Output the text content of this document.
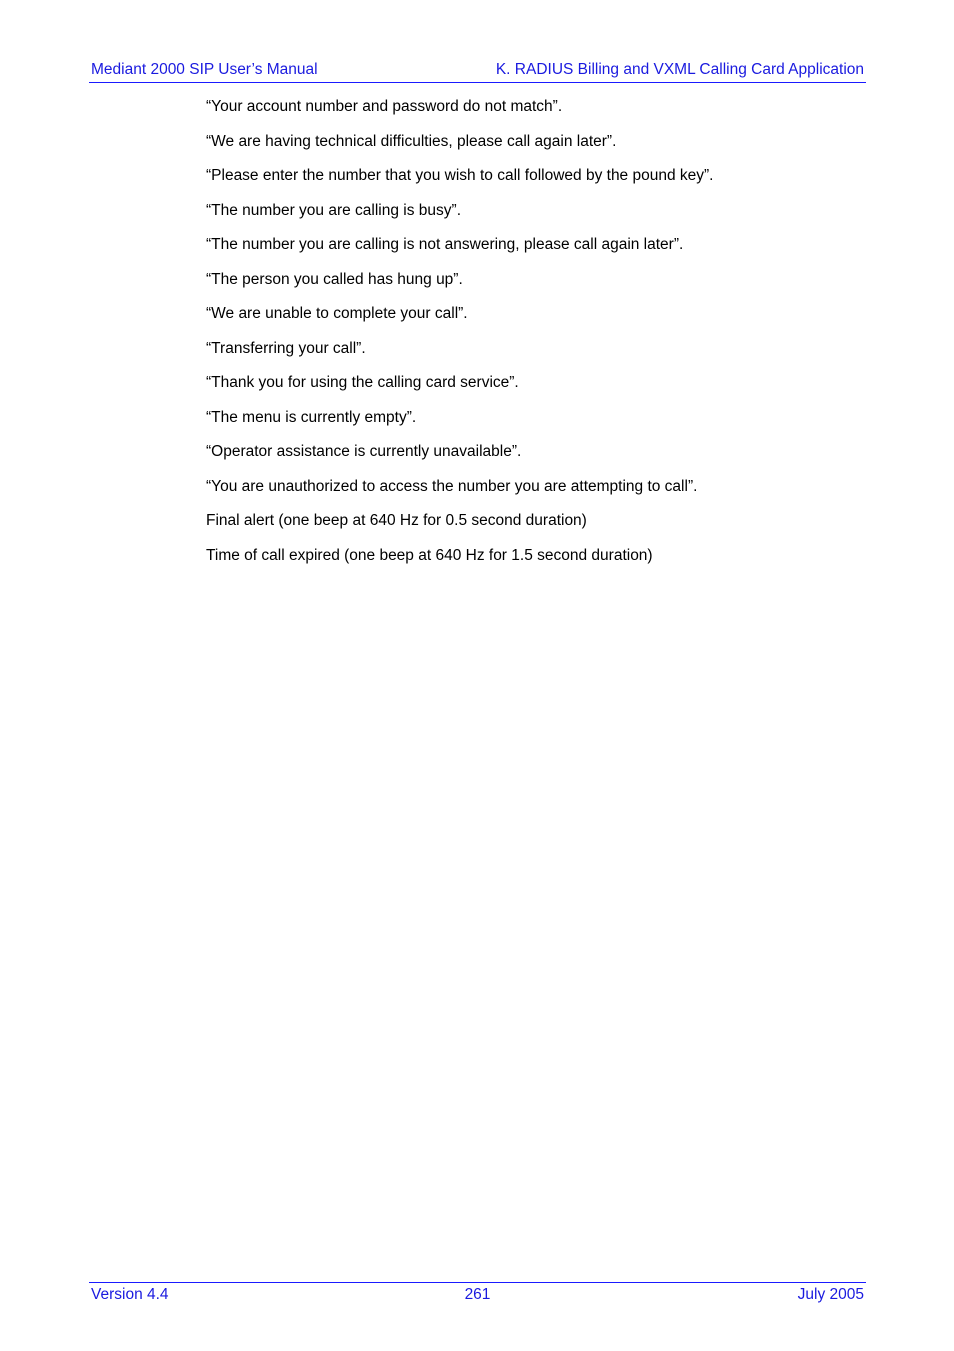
Mediant 2000 SIP User’s Manual	K. RADIUS Billing and VXML Calling Card Application
“Your account number and password do not match”.
“We are having technical difficulties, please call again later”.
“Please enter the number that you wish to call followed by the pound key”.
“The number you are calling is busy”.
“The number you are calling is not answering, please call again later”.
“The person you called has hung up”.
“We are unable to complete your call”.
“Transferring your call”.
“Thank you for using the calling card service”.
“The menu is currently empty”.
“Operator assistance is currently unavailable”.
“You are unauthorized to access the number you are attempting to call”.
Final alert (one beep at 640 Hz for 0.5 second duration)
Time of call expired (one beep at 640 Hz for 1.5 second duration)
Version 4.4	261	July 2005
